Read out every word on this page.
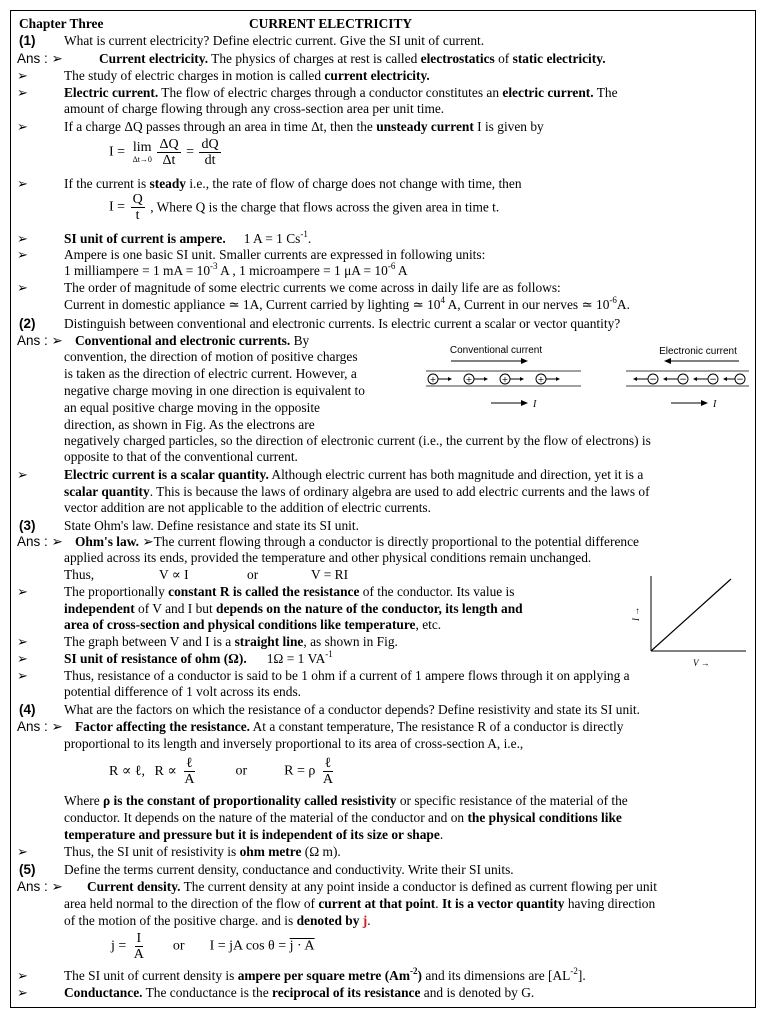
Chapter Three	CURRENT ELECTRICITY
(1) What is current electricity? Define electric current. Give the SI unit of current.
Ans : ➢	Current electricity. The physics of charges at rest is called electrostatics of static electricity.
➢	The study of electric charges in motion is called current electricity.
➢	Electric current. The flow of electric charges through a conductor constitutes an electric current. The
amount of charge flowing through any cross-section area per unit time.
➢	If a charge ΔQ passes through an area in time Δt, then the unsteady current I is given by
I = lim
Δt→0
$\frac{\Delta Q}{\Delta t} = \frac{dQ}{dt}$
➢	If the current is steady i.e., the rate of flow of charge does not change with time, then
$I = \frac{Q}{t}$ , Where Q is the charge that flows across the given area in time t.
➢	SI unit of current is ampere. 1 A = 1 $Cs^{-1}$.
➢	Ampere is one basic SI unit. Smaller currents are expressed in following units:
1 milliampere = 1 mA = $10^{-3}$ A , 1 microampere = 1 $\mu A = 10^{-6}$ A
➢	The order of magnitude of some electric currents we come across in daily life are as follows:
Current in domestic appliance ≃ 1A, Current carried by lighting ≃ $10^4$ A, Current in our nerves ≃ $10^{-6}A$.
(2) Distinguish between conventional and electronic currents. Is electric current a scalar or vector quantity?
Ans : ➢ Conventional and electronic currents. By
convention, the direction of motion of positive charges
is taken as the direction of electric current. However, a
negative charge moving in one direction is equivalent to
an equal positive charge moving in the opposite
direction, as shown in Fig. As the electrons are
negatively charged particles, so the direction of electronic current (i.e., the current by the flow of electrons) is
opposite to that of the conventional current.
Conventional current	Electronic current
+	+	+	+	− − − −
I	I
➢	Electric current is a scalar quantity. Although electric current has both magnitude and direction, yet it is a
scalar quantity. This is because the laws of ordinary algebra are used to add electric currents and the laws of
vector addition are not applicable to the addition of electric currents.
(3) State Ohm's law. Define resistance and state its SI unit.
Ans : ➢ Ohm's law. ➢The current flowing through a conductor is directly proportional to the potential difference
applied across its ends, provided the temperature and other physical conditions remain unchanged.
Thus,	V ∝ I	or	V = RI
➢	The proportionally constant R is called the resistance of the conductor. Its value is
independent of V and I but depends on the nature of the conductor, its length and
area of cross-section and physical conditions like temperature, etc.
➢	The graph between V and I is a straight line, as shown in Fig.
➢	SI unit of resistance of ohm (Ω). 1Ω = 1 $VA^{-1}$
➢	Thus, resistance of a conductor is said to be 1 ohm if a current of 1 ampere flows through it on applying a
potential difference of 1 volt across its ends.
I →
V →
(4) What are the factors on which the resistance of a conductor depends? Define resistivity and state its SI unit.
Ans : ➢ Factor affecting the resistance. At a constant temperature, The resistance R of a conductor is directly
proportional to its length and inversely proportional to its area of cross-section A, i.e.,
R ∝ ℓ, $R \propto \frac{\text{ℓ}}{A}$	or	R = ρ $\frac{\text{ℓ}}{A}$
Where ρ is the constant of proportionality called resistivity or specific resistance of the material of the
conductor. It depends on the nature of the material of the conductor and on the physical conditions like
temperature and pressure but it is independent of its size or shape.
➢	Thus, the SI unit of resistivity is ohm metre (Ω m).
(5) Define the terms current density, conductance and conductivity. Write their SI units.
Ans : ➢ Current density. The current density at any point inside a conductor is defined as current flowing per unit
area held normal to the direction of the flow of current at that point. It is a vector quantity having direction
of the motion of the positive charge. and is denoted by j.
$j = \frac{I}{A}$ or I = jA cos θ = j · A
➢	The SI unit of current density is ampere per square metre $(Am^{-2})$ and its dimensions are $[AL^{-2}]$.
➢	Conductance. The conductance is the reciprocal of its resistance and is denoted by G.
